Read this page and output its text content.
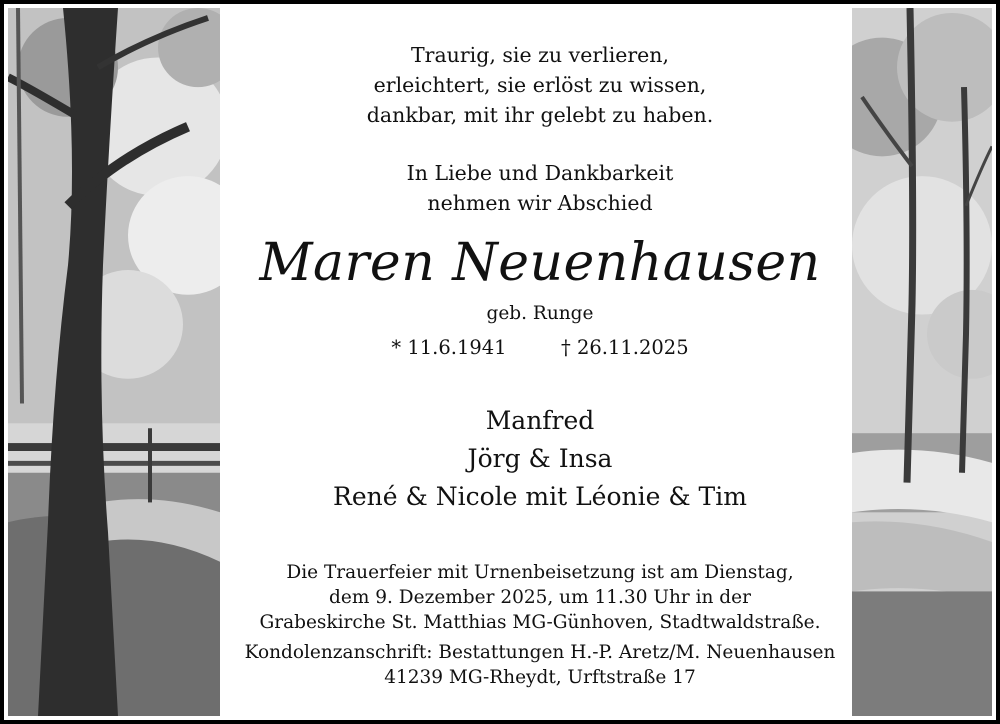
Traurig, sie zu verlieren,
erleichtert, sie erlöst zu wissen,
dankbar, mit ihr gelebt zu haben.
In Liebe und Dankbarkeit
nehmen wir Abschied
Maren Neuenhausen
geb. Runge
* 11.6.1941	† 26.11.2025
Manfred
Jörg & Insa
René & Nicole mit Léonie & Tim
Die Trauerfeier mit Urnenbeisetzung ist am Dienstag,
dem 9. Dezember 2025, um 11.30 Uhr in der
Grabeskirche St. Matthias MG-Günhoven, Stadtwaldstraße.
Kondolenzanschrift: Bestattungen H.-P. Aretz/M. Neuenhausen
41239 MG-Rheydt, Urftstraße 17
